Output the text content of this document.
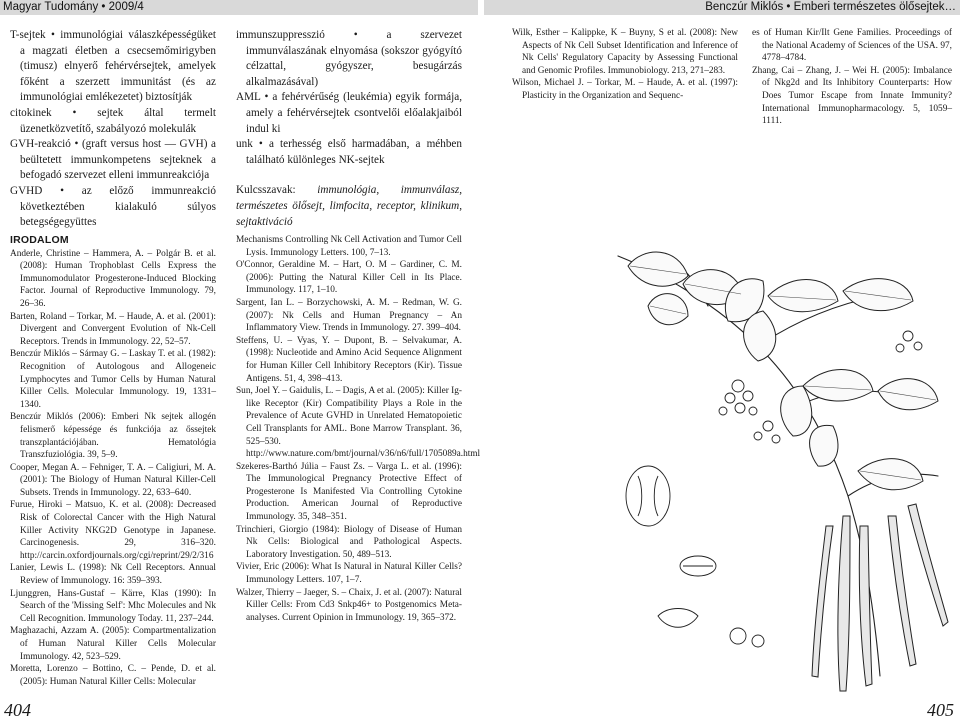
Magyar Tudomány • 2009/4	Benczúr Miklós • Emberi természetes ölősejtek…

T-sejtek • immunológiai válaszképességüket a magzati életben a csecsemőmirigyben (timusz) elnyerő fehérvérsejtek, amelyek főként a szerzett immunitást (és az immunológiai emlékezetet) biztosítják

citokinek • sejtek által termelt üzenetközvetítő, szabályozó molekulák

GVH-reakció • (graft versus host — GVH) a beültetett immunkompetens sejteknek a befogadó szervezet elleni immunreakciója

GVHD • az előző immunreakció következtében kialakuló súlyos betegségegyüttes

immunszuppresszió • a szervezet immunválaszának elnyomása (sokszor gyógyító célzattal, gyógyszer, besugárzás alkalmazásával)

AML • a fehérvérűség (leukémia) egyik formája, amely a fehérvérsejtek csontvelői előalakjaiból indul ki

unk • a terhesség első harmadában, a méhben található különleges NK-sejtek

Kulcsszavak: immunológia, immunválasz, természetes ölősejt, limfocita, receptor, klinikum, sejtaktiváció

Wilk, Esther – Kalippke, K – Buyny, S et al. (2008): New Aspects of Nk Cell Subset Identification and Inference of Nk Cells' Regulatory Capacity by Assessing Functional and Genomic Profiles. Immunobiology. 213, 271–283.

Wilson, Michael J. – Torkar, M. – Haude, A. et al. (1997): Plasticity in the Organization and Sequenc-

es of Human Kir/Ilt Gene Families. Proceedings of the National Academy of Sciences of the USA. 97, 4778–4784.

Zhang, Cai – Zhang, J. – Wei H. (2005): Imbalance of Nkg2d and Its Inhibitory Counterparts: How Does Tumor Escape from Innate Immunity? International Immunopharmacology. 5, 1059–1111.

IRODALOM

Anderle, Christine – Hammera, A. – Polgár B. et al. (2008): Human Trophoblast Cells Express the Immunomodulator Progesterone-Induced Blocking Factor. Journal of Reproductive Immunology. 79, 26–36.

Barten, Roland – Torkar, M. – Haude, A. et al. (2001): Divergent and Convergent Evolution of Nk-Cell Receptors. Trends in Immunology. 22, 52–57.

Benczúr Miklós – Sármay G. – Laskay T. et al. (1982): Recognition of Autologous and Allogeneic Lymphocytes and Tumor Cells by Human Natural Killer Cells. Molecular Immunology. 19, 1331–1340.

Benczúr Miklós (2006): Emberi Nk sejtek allogén felismerő képessége és funkciója az őssejtek transzplantációjában. Hematológia Transzfuziológia. 39, 5–9.

Cooper, Megan A. – Fehniger, T. A. – Caligiuri, M. A. (2001): The Biology of Human Natural Killer-Cell Subsets. Trends in Immunology. 22, 633–640.

Furue, Hiroki – Matsuo, K. et al. (2008): Decreased Risk of Colorectal Cancer with the High Natural Killer Activity NKG2D Genotype in Japanese. Carcinogenesis. 29, 316–320. http://carcin.oxfordjournals.org/cgi/reprint/29/2/316

Lanier, Lewis L. (1998): Nk Cell Receptors. Annual Review of Immunology. 16: 359–393.

Ljunggren, Hans-Gustaf – Kärre, Klas (1990): In Search of the 'Missing Self': Mhc Molecules and Nk Cell Recognition. Immunology Today. 11, 237–244.

Maghazachi, Azzam A. (2005): Compartmentalization of Human Natural Killer Cells Molecular Immunology. 42, 523–529.

Moretta, Lorenzo – Bottino, C. – Pende, D. et al. (2005): Human Natural Killer Cells: Molecular

Mechanisms Controlling Nk Cell Activation and Tumor Cell Lysis. Immunology Letters. 100, 7–13.

O'Connor, Geraldine M. – Hart, O. M – Gardiner, C. M. (2006): Putting the Natural Killer Cell in Its Place. Immunology. 117, 1–10.

Sargent, Ian L. – Borzychowski, A. M. – Redman, W. G. (2007): Nk Cells and Human Pregnancy – An Inflammatory View. Trends in Immunology. 27. 399–404.

Steffens, U. – Vyas, Y. – Dupont, B. – Selvakumar, A. (1998): Nucleotide and Amino Acid Sequence Alignment for Human Killer Cell Inhibitory Receptors (Kir). Tissue Antigens. 51, 4, 398–413.

Sun, Joel Y. – Gaidulis, L. – Dagis, A et al. (2005): Killer Ig-like Receptor (Kir) Compatibility Plays a Role in the Prevalence of Acute GVHD in Unrelated Hematopoietic Cell Transplants for AML. Bone Marrow Transplant. 36, 525–530. http://www.nature.com/bmt/journal/v36/n6/full/1705089a.html

Szekeres-Barthó Júlia – Faust Zs. – Varga L. et al. (1996): The Immunological Pregnancy Protective Effect of Progesterone Is Manifested Via Controlling Cytokine Production. American Journal of Reproductive Immunology. 35, 348–351.

Trinchieri, Giorgio (1984): Biology of Disease of Human Nk Cells: Biological and Pathological Aspects. Laboratory Investigation. 50, 489–513.

Vivier, Eric (2006): What Is Natural in Natural Killer Cells? Immunology Letters. 107, 1–7.

Walzer, Thierry – Jaeger, S. – Chaix, J. et al. (2007): Natural Killer Cells: From Cd3 Snkp46+ to Postgenomics Meta-analyses. Current Opinion in Immunology. 19, 365–372.

404	405
